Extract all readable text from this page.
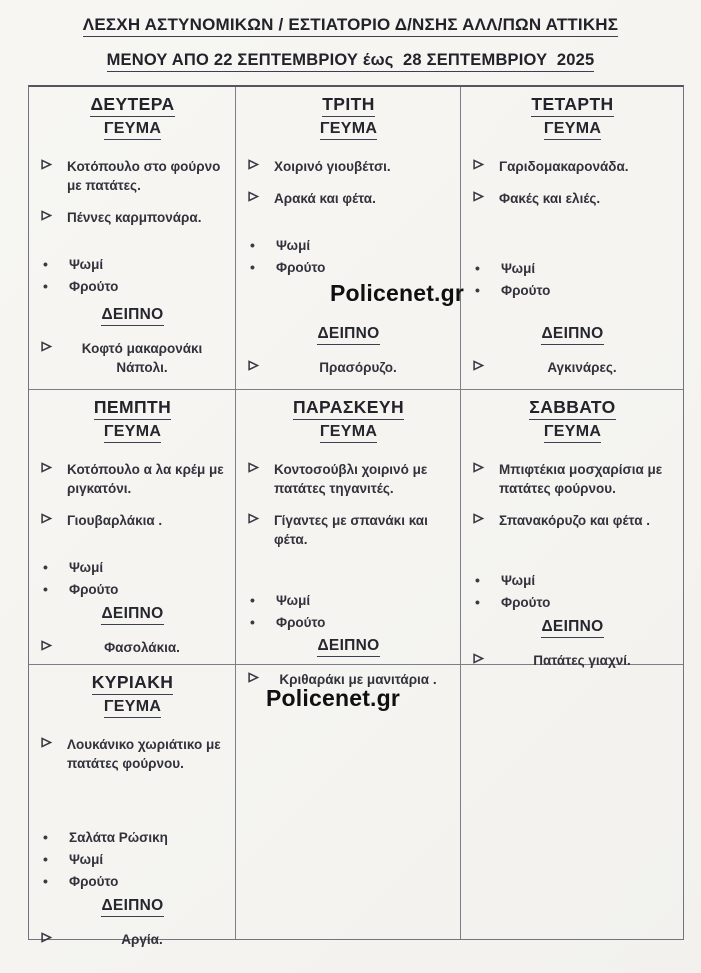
ΛΕΣΧΗ ΑΣΤΥΝΟΜΙΚΩΝ / ΕΣΤΙΑΤΟΡΙΟ Δ/ΝΣΗΣ ΑΛΛ/ΠΩΝ ΑΤΤΙΚΗΣ
ΜΕΝΟΥ ΑΠΟ 22 ΣΕΠΤΕΜΒΡΙΟΥ έως  28 ΣΕΠΤΕΜΒΡΙΟΥ  2025
ΔΕΥΤΕΡΑ
ΓΕΥΜΑ
Κοτόπουλο στο φούρνο με πατάτες.
Πέννες καρμπονάρα.
•	Ψωμί
•	Φρούτο
ΔΕΙΠΝΟ
Κοφτό μακαρονάκι Νάπολι.
ΤΡΙΤΗ
ΓΕΥΜΑ
Χοιρινό γιουβέτσι.
Αρακά και φέτα.
•	Ψωμί
•	Φρούτο
ΔΕΙΠΝΟ
Πρασόρυζο.
ΤΕΤΑΡΤΗ
ΓΕΥΜΑ
Γαριδομακαρονάδα.
Φακές και ελιές.
•	Ψωμί
•	Φρούτο
ΔΕΙΠΝΟ
Αγκινάρες.
ΠΕΜΠΤΗ
ΓΕΥΜΑ
Κοτόπουλο α λα κρέμ με ριγκατόνι.
Γιουβαρλάκια .
•	Ψωμί
•	Φρούτο
ΔΕΙΠΝΟ
Φασολάκια.
ΠΑΡΑΣΚΕΥΗ
ΓΕΥΜΑ
Κοντοσούβλι χοιρινό με πατάτες τηγανιτές.
Γίγαντες με σπανάκι και φέτα.
•	Ψωμί
•	Φρούτο
ΔΕΙΠΝΟ
Κριθαράκι με μανιτάρια .
ΣΑΒΒΑΤΟ
ΓΕΥΜΑ
Μπιφτέκια μοσχαρίσια με πατάτες φούρνου.
Σπανακόρυζο και φέτα .
•	Ψωμί
•	Φρούτο
ΔΕΙΠΝΟ
Πατάτες γιαχνί.
ΚΥΡΙΑΚΗ
ΓΕΥΜΑ
Λουκάνικο χωριάτικο με πατάτες φούρνου.
•	Σαλάτα Ρώσικη
•	Ψωμί
•	Φρούτο
ΔΕΙΠΝΟ
Αργία.
Policenet.gr
Policenet.gr
